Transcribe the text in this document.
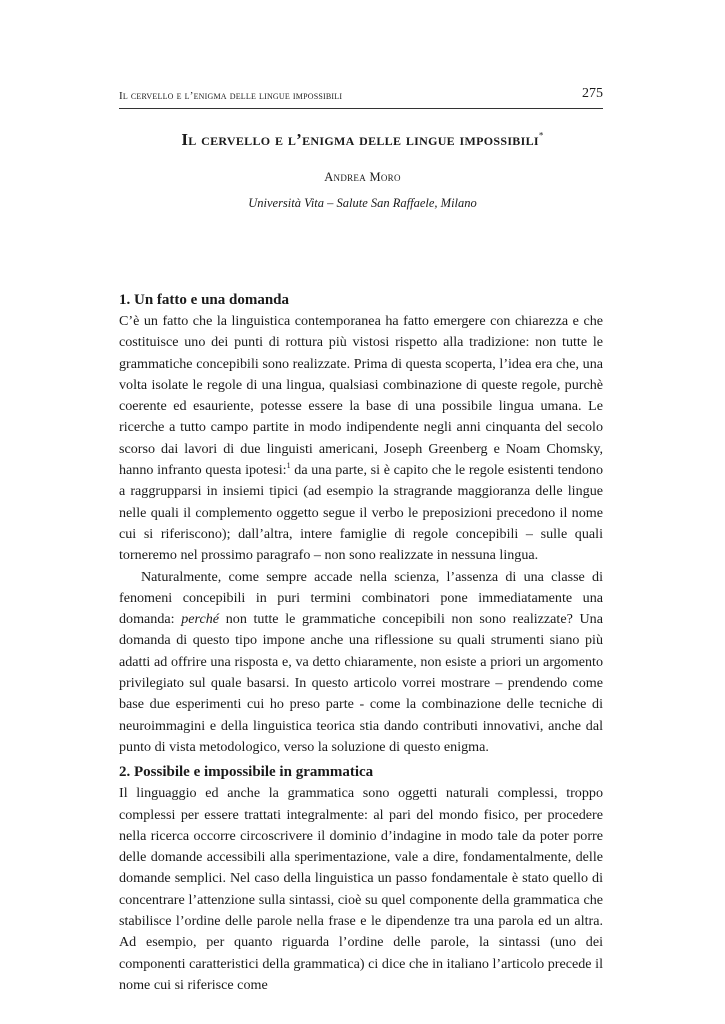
Il cervello e l’enigma delle lingue impossibili	275
Il cervello e l’enigma delle lingue impossibili*
Andrea Moro
Università Vita – Salute San Raffaele, Milano
1. Un fatto e una domanda

C’è un fatto che la linguistica contemporanea ha fatto emergere con chiarezza e che costituisce uno dei punti di rottura più vistosi rispetto alla tradizione: non tutte le grammatiche concepibili sono realizzate. Prima di questa scoperta, l’idea era che, una volta isolate le regole di una lingua, qualsiasi combinazione di queste regole, purchè coerente ed esauriente, potesse essere la base di una possibile lingua umana. Le ricerche a tutto campo partite in modo indipendente negli anni cinquanta del secolo scorso dai lavori di due linguisti americani, Joseph Greenberg e Noam Chomsky, hanno infranto questa ipotesi:$^1$ da una parte, si è capito che le regole esistenti tendono a raggrupparsi in insiemi tipici (ad esempio la stragrande maggioranza delle lingue nelle quali il complemento oggetto segue il verbo le preposizioni precedono il nome cui si riferiscono); dall’altra, intere famiglie di regole concepibili – sulle quali torneremo nel prossimo paragrafo – non sono realizzate in nessuna lingua.

Naturalmente, come sempre accade nella scienza, l’assenza di una classe di fenomeni concepibili in puri termini combinatori pone immediatamente una domanda: perché non tutte le grammatiche concepibili non sono realizzate? Una domanda di questo tipo impone anche una riflessione su quali strumenti siano più adatti ad offrire una risposta e, va detto chiaramente, non esiste a priori un argomento privilegiato sul quale basarsi. In questo articolo vorrei mostrare – prendendo come base due esperimenti cui ho preso parte - come la combinazione delle tecniche di neuroimmagini e della linguistica teorica stia dando contributi innovativi, anche dal punto di vista metodologico, verso la soluzione di questo enigma.

2. Possibile e impossibile in grammatica

Il linguaggio ed anche la grammatica sono oggetti naturali complessi, troppo complessi per essere trattati integralmente: al pari del mondo fisico, per procedere nella ricerca occorre circoscrivere il dominio d’indagine in modo tale da poter porre delle domande accessibili alla sperimentazione, vale a dire, fondamentalmente, delle domande semplici. Nel caso della linguistica un passo fondamentale è stato quello di concentrare l’attenzione sulla sintassi, cioè su quel componente della grammatica che stabilisce l’ordine delle parole nella frase e le dipendenze tra una parola ed un altra. Ad esempio, per quanto riguarda l’ordine delle parole, la sintassi (uno dei componenti caratteristici della grammatica) ci dice che in italiano l’articolo precede il nome cui si riferisce come
